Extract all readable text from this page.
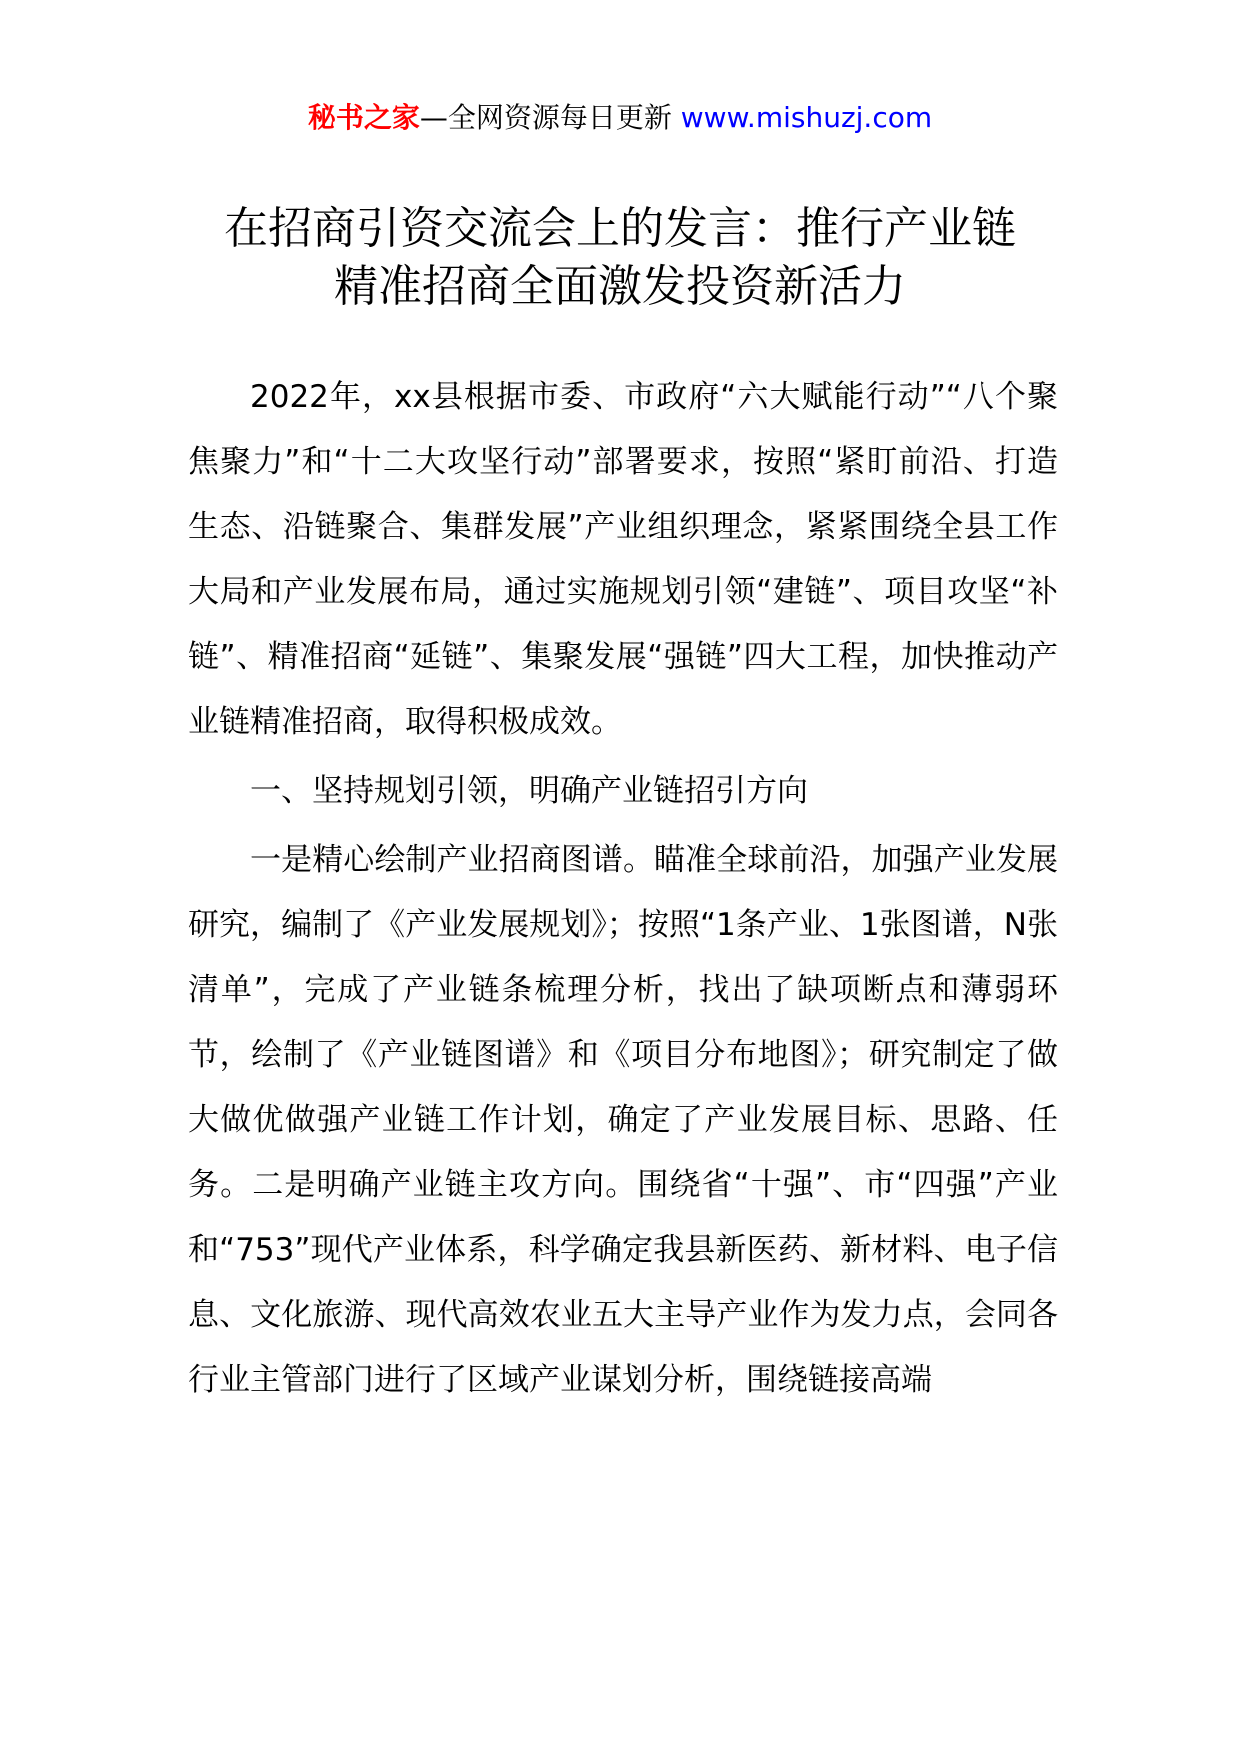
秘书之家—全网资源每日更新 www.mishuzj.com
在招商引资交流会上的发言：推行产业链
精准招商全面激发投资新活力

2022年，xx县根据市委、市政府“六大赋能行动”“八个聚焦聚力”和“十二大攻坚行动”部署要求，按照“紧盯前沿、打造生态、沿链聚合、集群发展”产业组织理念，紧紧围绕全县工作大局和产业发展布局，通过实施规划引领“建链”、项目攻坚“补链”、精准招商“延链”、集聚发展“强链”四大工程，加快推动产业链精准招商，取得积极成效。

一、坚持规划引领，明确产业链招引方向

一是精心绘制产业招商图谱。瞄准全球前沿，加强产业发展研究，编制了《产业发展规划》；按照“1条产业、1张图谱，N张清单”，完成了产业链条梳理分析，找出了缺项断点和薄弱环节，绘制了《产业链图谱》和《项目分布地图》；研究制定了做大做优做强产业链工作计划，确定了产业发展目标、思路、任务。二是明确产业链主攻方向。围绕省“十强”、市“四强”产业和“753”现代产业体系，科学确定我县新医药、新材料、电子信息、文化旅游、现代高效农业五大主导产业作为发力点，会同各行业主管部门进行了区域产业谋划分析，围绕链接高端
